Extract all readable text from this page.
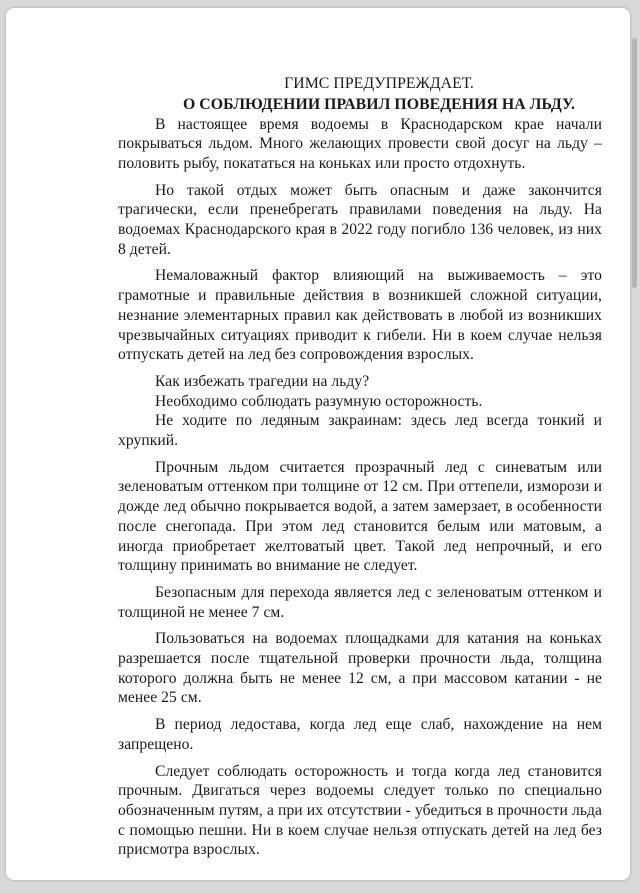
ГИМС ПРЕДУПРЕЖДАЕТ.

О СОБЛЮДЕНИИ ПРАВИЛ ПОВЕДЕНИЯ НА ЛЬДУ.

В настоящее время водоемы в Краснодарском крае начали покрываться льдом. Много желающих провести свой досуг на льду – половить рыбу, покататься на коньках или просто отдохнуть.

Но такой отдых может быть опасным и даже закончится трагически, если пренебрегать правилами поведения на льду. На водоемах Краснодарского края в 2022 году погибло 136 человек, из них 8 детей.

Немаловажный фактор влияющий на выживаемость – это грамотные и правильные действия в возникшей сложной ситуации, незнание элементарных правил как действовать в любой из возникших чрезвычайных ситуациях приводит к гибели. Ни в коем случае нельзя отпускать детей на лед без сопровождения взрослых.

Как избежать трагедии на льду?

Необходимо соблюдать разумную осторожность.

Не ходите по ледяным закраинам: здесь лед всегда тонкий и хрупкий.

Прочным льдом считается прозрачный лед с синеватым или зеленоватым оттенком при толщине от 12 см. При оттепели, изморози и дожде лед обычно покрывается водой, а затем замерзает, в особенности после снегопада. При этом лед становится белым или матовым, а иногда приобретает желтоватый цвет. Такой лед непрочный, и его толщину принимать во внимание не следует.

Безопасным для перехода является лед с зеленоватым оттенком и толщиной не менее 7 см.

Пользоваться на водоемах площадками для катания на коньках разрешается после тщательной проверки прочности льда, толщина которого должна быть не менее 12 см, а при массовом катании - не менее 25 см.

В период ледостава, когда лед еще слаб, нахождение на нем запрещено.

Следует соблюдать осторожность и тогда когда лед становится прочным. Двигаться через водоемы следует только по специально обозначенным путям, а при их отсутствии - убедиться в прочности льда с помощью пешни. Ни в коем случае нельзя отпускать детей на лед без присмотра взрослых.
